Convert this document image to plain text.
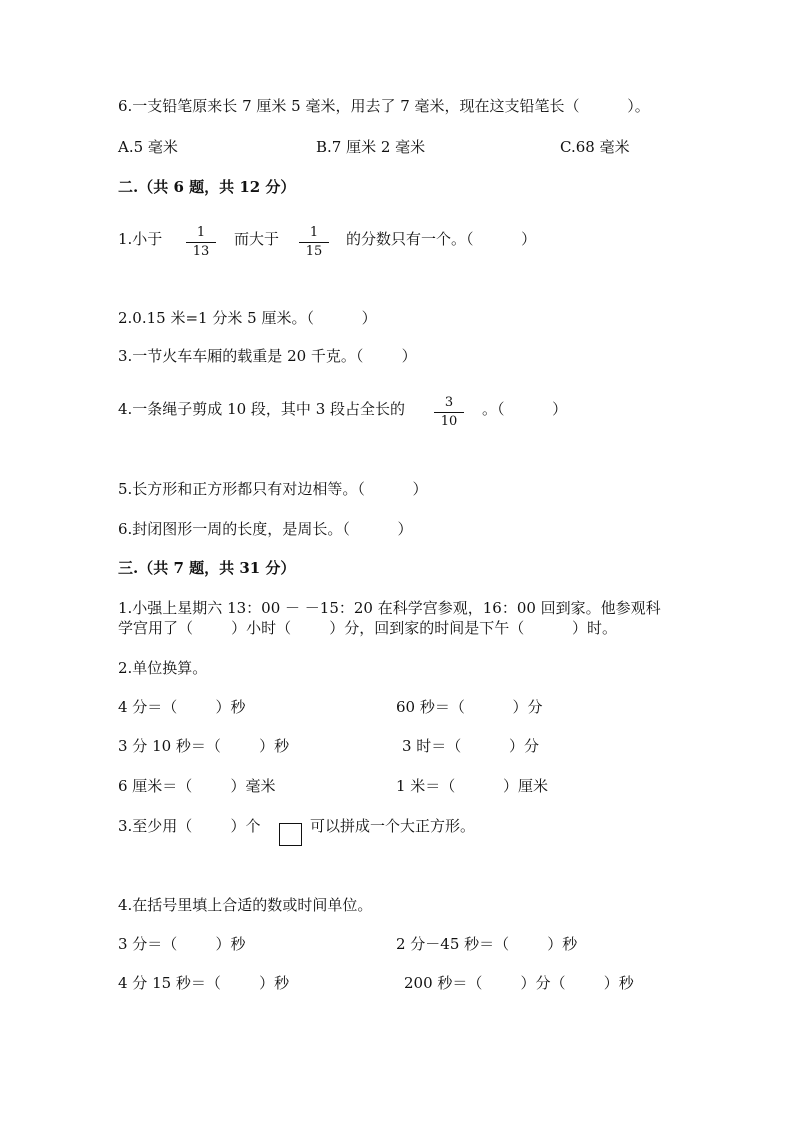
6.一支铅笔原来长 7 厘米 5 毫米，用去了 7 毫米，现在这支铅笔长（          ）。
A.5 毫米	B.7 厘米 2 毫米	C.68 毫米
二.（共 6 题，共 12 分）
1.小于 $\frac{1}{13}$ 而大于 $\frac{1}{15}$ 的分数只有一个。（          ）
2.0.15 米=1 分米 5 厘米。（          ）
3.一节火车车厢的载重是 20 千克。（        ）
4.一条绳子剪成 10 段，其中 3 段占全长的 $\frac{3}{10}$ 。（          ）
5.长方形和正方形都只有对边相等。（          ）
6.封闭图形一周的长度，是周长。（          ）
三.（共 7 题，共 31 分）
1.小强上星期六 13：00 － －15：20 在科学宫参观，16：00 回到家。他参观科
学宫用了（        ）小时（        ）分，回到家的时间是下午（          ）时。
2.单位换算。
4 分＝（        ）秒	60 秒＝（          ）分
3 分 10 秒＝（        ）秒	3 时＝（          ）分
6 厘米＝（        ）毫米	1 米＝（          ）厘米
3.至少用（        ）个	可以拼成一个大正方形。
4.在括号里填上合适的数或时间单位。
3 分＝（        ）秒	2 分－45 秒＝（        ）秒
4 分 15 秒＝（        ）秒	200 秒＝（        ）分（        ）秒
